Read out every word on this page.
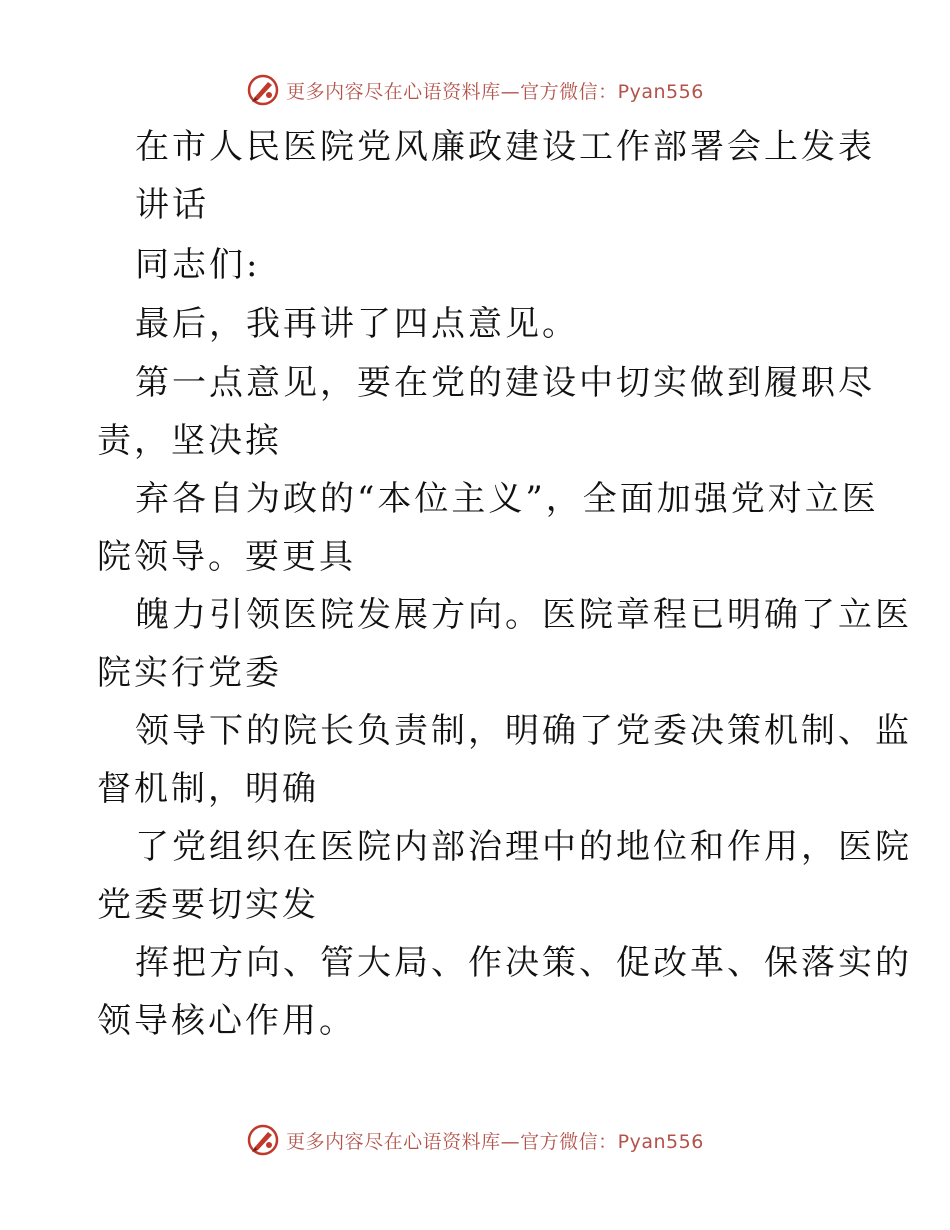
更多内容尽在心语资料库—官方微信：Pyan556
在市人民医院党风廉政建设工作部署会上发表
讲话
同志们:
最后，我再讲了四点意见。
第一点意见，要在党的建设中切实做到履职尽
责，坚决摈
弃各自为政的“本位主义”，全面加强党对立医
院领导。要更具
魄力引领医院发展方向。医院章程已明确了立医
院实行党委
领导下的院长负责制，明确了党委决策机制、监
督机制，明确
了党组织在医院内部治理中的地位和作用，医院
党委要切实发
挥把方向、管大局、作决策、促改革、保落实的
领导核心作用。
更多内容尽在心语资料库—官方微信：Pyan556
